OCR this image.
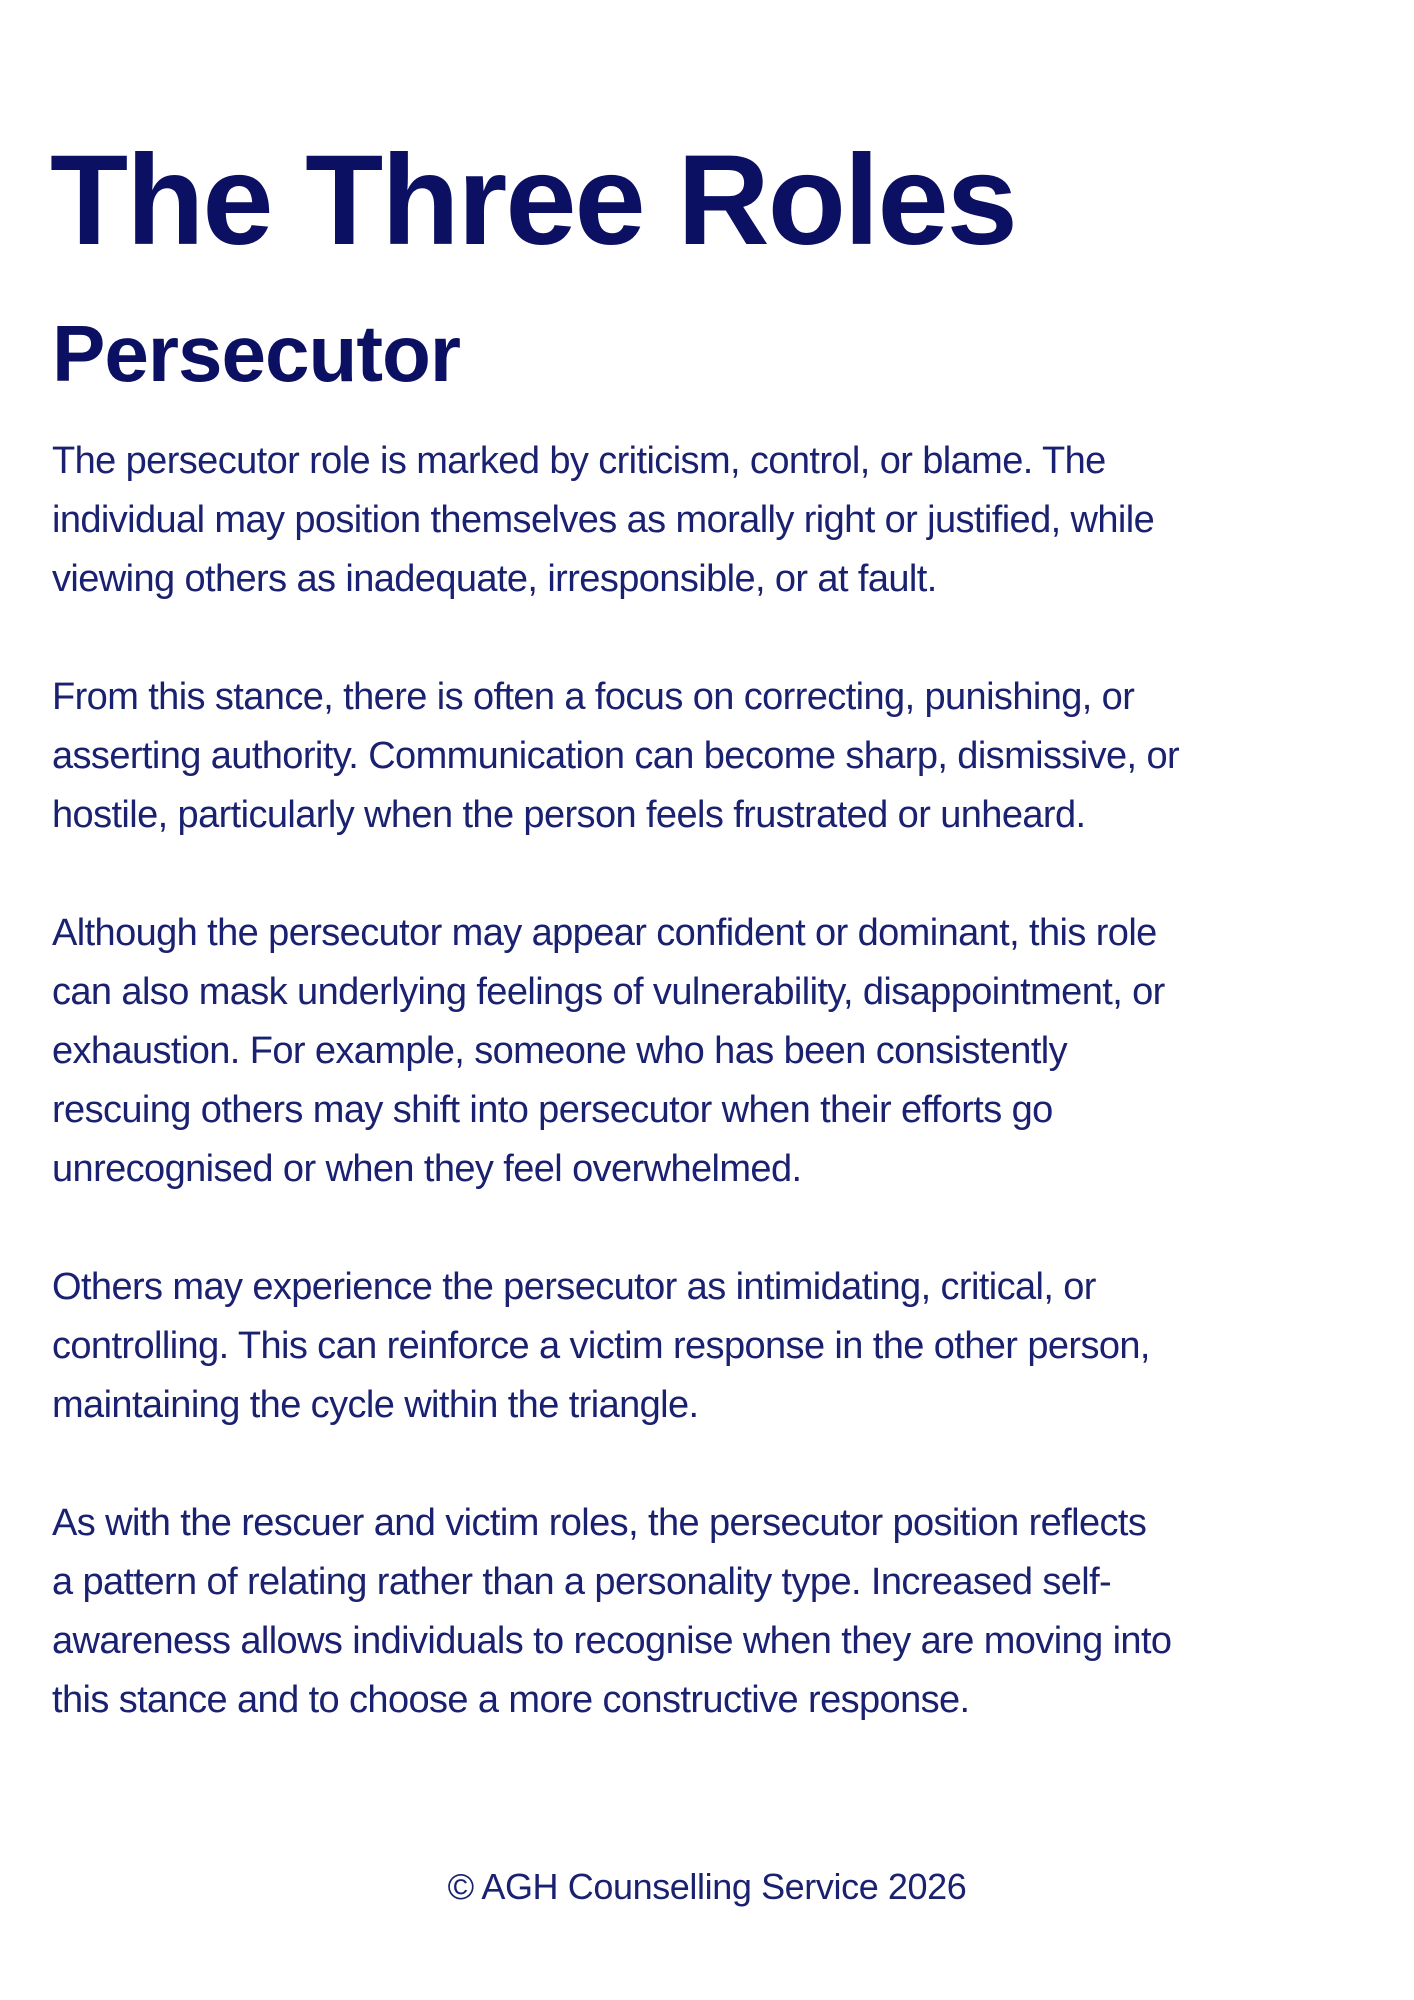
The Three Roles
Persecutor

The persecutor role is marked by criticism, control, or blame. The
individual may position themselves as morally right or justified, while
viewing others as inadequate, irresponsible, or at fault.

From this stance, there is often a focus on correcting, punishing, or
asserting authority. Communication can become sharp, dismissive, or
hostile, particularly when the person feels frustrated or unheard.

Although the persecutor may appear confident or dominant, this role
can also mask underlying feelings of vulnerability, disappointment, or
exhaustion. For example, someone who has been consistently
rescuing others may shift into persecutor when their efforts go
unrecognised or when they feel overwhelmed.

Others may experience the persecutor as intimidating, critical, or
controlling. This can reinforce a victim response in the other person,
maintaining the cycle within the triangle.

As with the rescuer and victim roles, the persecutor position reflects
a pattern of relating rather than a personality type. Increased self-
awareness allows individuals to recognise when they are moving into
this stance and to choose a more constructive response.

© AGH Counselling Service 2026
